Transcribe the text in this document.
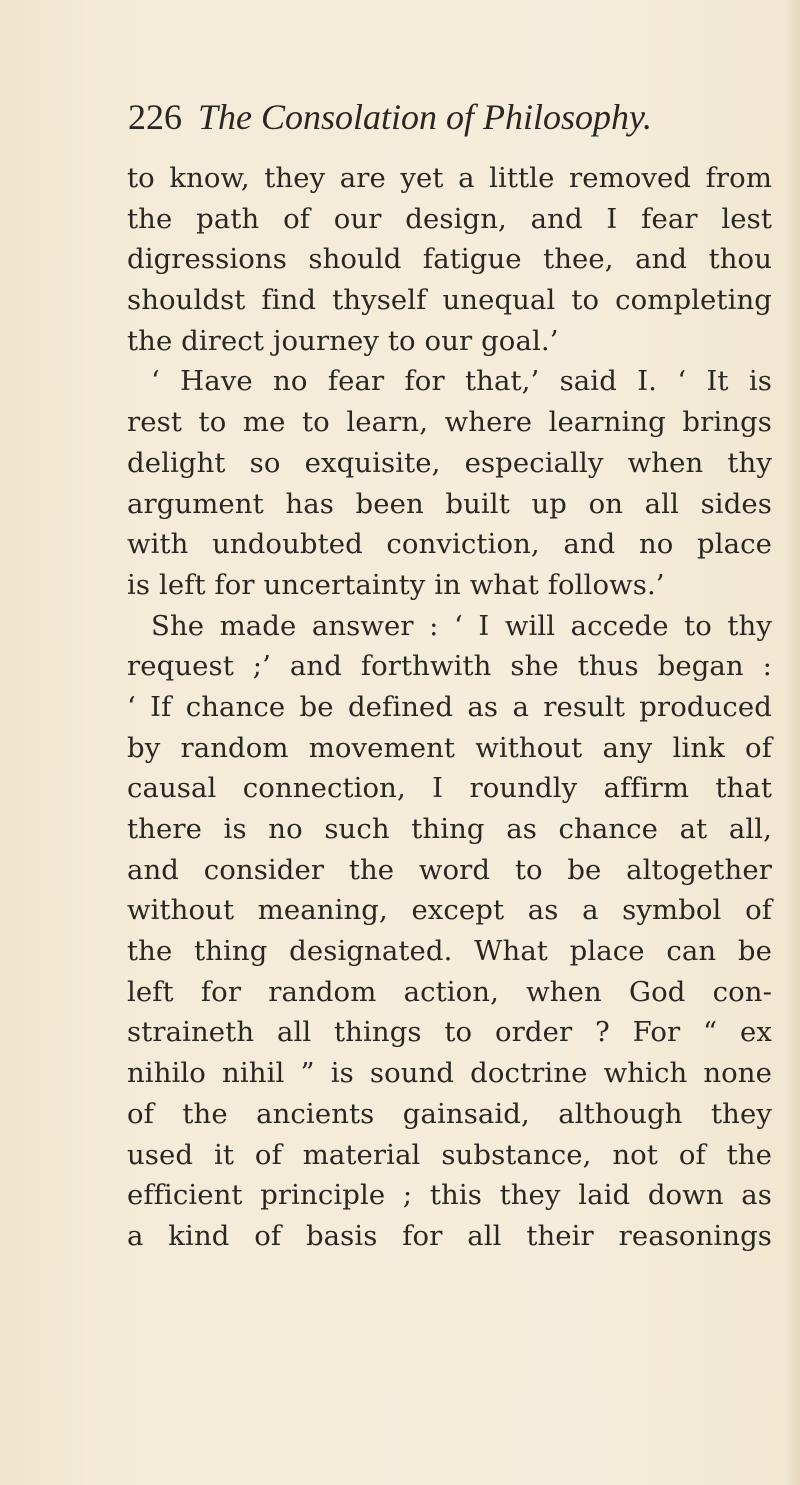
226 The Consolation of Philosophy.
to know, they are yet a little removed from
the path of our design, and I fear lest
digressions should fatigue thee, and thou
shouldst find thyself unequal to completing
the direct journey to our goal.’
‘ Have no fear for that,’ said I. ‘ It is
rest to me to learn, where learning brings
delight so exquisite, especially when thy
argument has been built up on all sides
with undoubted conviction, and no place
is left for uncertainty in what follows.’
She made answer : ‘ I will accede to thy
request ;’ and forthwith she thus began :
‘ If chance be defined as a result produced
by random movement without any link of
causal connection, I roundly affirm that
there is no such thing as chance at all,
and consider the word to be altogether
without meaning, except as a symbol of
the thing designated. What place can be
left for random action, when God con-
straineth all things to order ? For “ ex
nihilo nihil ” is sound doctrine which none
of the ancients gainsaid, although they
used it of material substance, not of the
efficient principle ; this they laid down as
a kind of basis for all their reasonings
